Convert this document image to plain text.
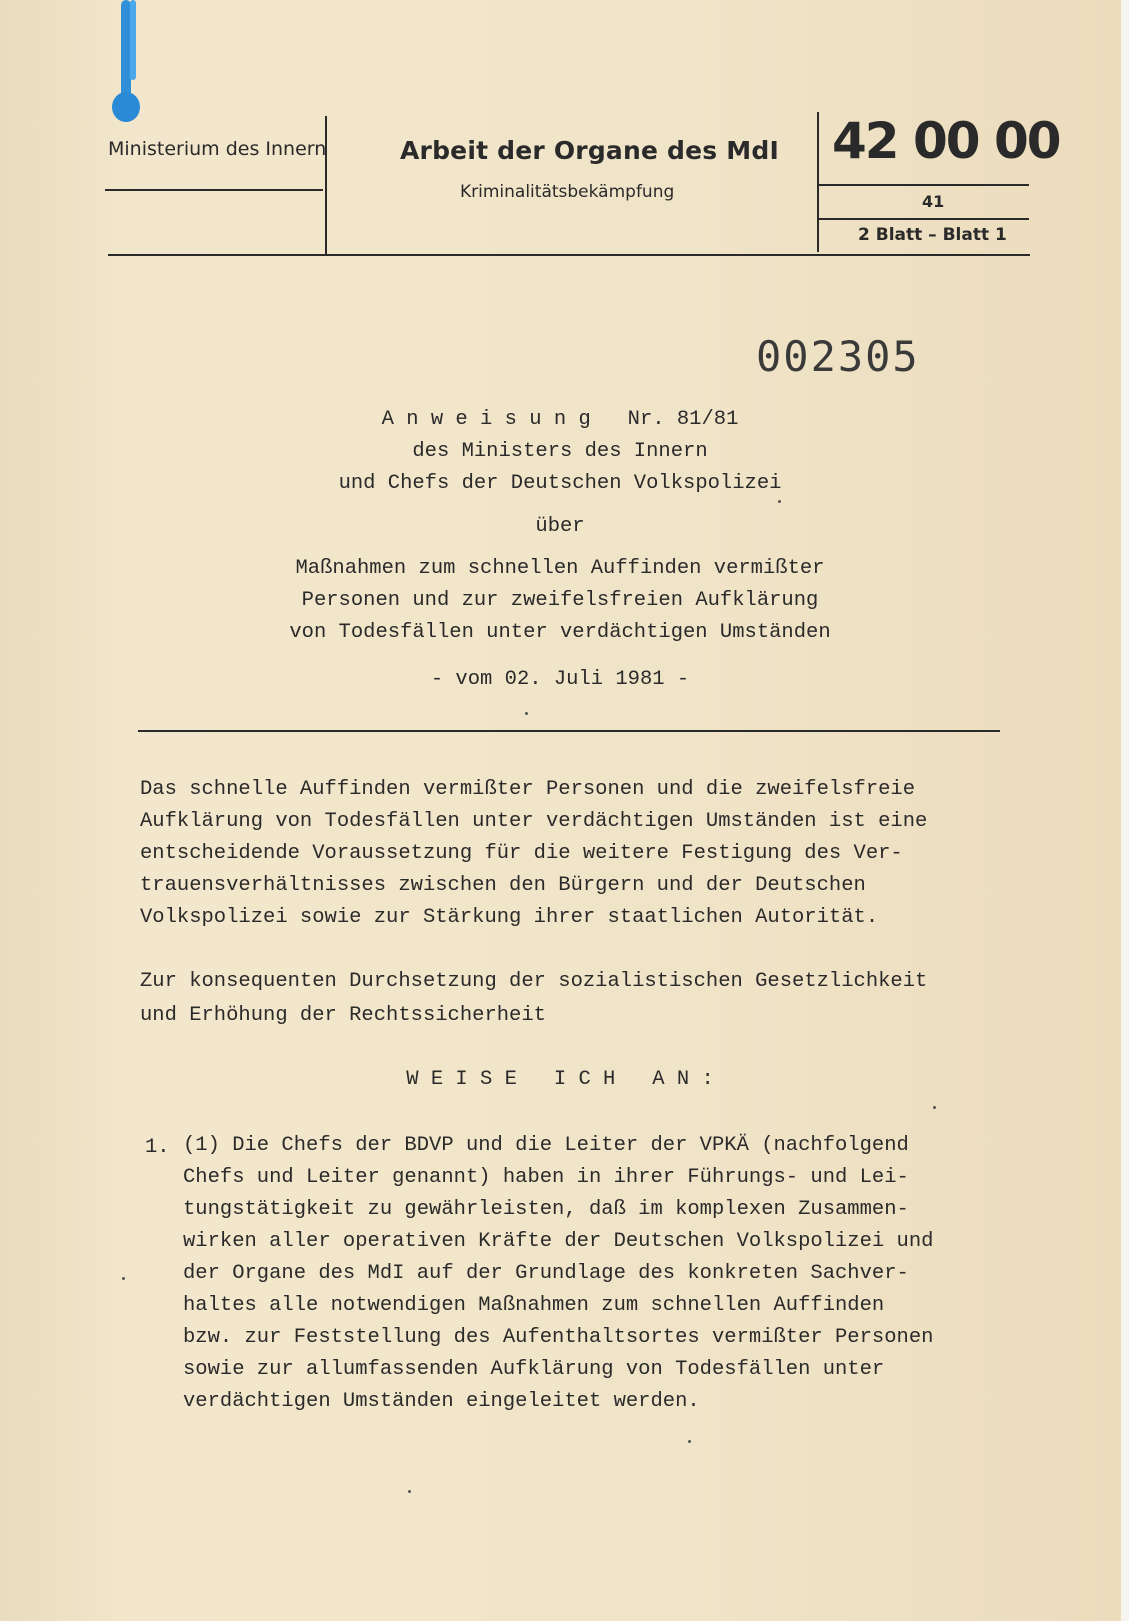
Ministerium des Innern	Arbeit der Organe des MdI
Kriminalitätsbekämpfung
42 00 00
41
2 Blatt – Blatt 1
002305
A n w e i s u n g   Nr. 81/81
des Ministers des Innern
und Chefs der Deutschen Volkspolizei
über
Maßnahmen zum schnellen Auffinden vermißter
Personen und zur zweifelsfreien Aufklärung
von Todesfällen unter verdächtigen Umständen
- vom 02. Juli 1981 -
Das schnelle Auffinden vermißter Personen und die zweifelsfreie
Aufklärung von Todesfällen unter verdächtigen Umständen ist eine
entscheidende Voraussetzung für die weitere Festigung des Ver-
trauensverhältnisses zwischen den Bürgern und der Deutschen
Volkspolizei sowie zur Stärkung ihrer staatlichen Autorität.
Zur konsequenten Durchsetzung der sozialistischen Gesetzlichkeit
und Erhöhung der Rechtssicherheit
W E I S E   I C H   A N :
1. (1) Die Chefs der BDVP und die Leiter der VPKÄ (nachfolgend
Chefs und Leiter genannt) haben in ihrer Führungs- und Lei-
tungstätigkeit zu gewährleisten, daß im komplexen Zusammen-
wirken aller operativen Kräfte der Deutschen Volkspolizei und
der Organe des MdI auf der Grundlage des konkreten Sachver-
haltes alle notwendigen Maßnahmen zum schnellen Auffinden
bzw. zur Feststellung des Aufenthaltsortes vermißter Personen
sowie zur allumfassenden Aufklärung von Todesfällen unter
verdächtigen Umständen eingeleitet werden.
